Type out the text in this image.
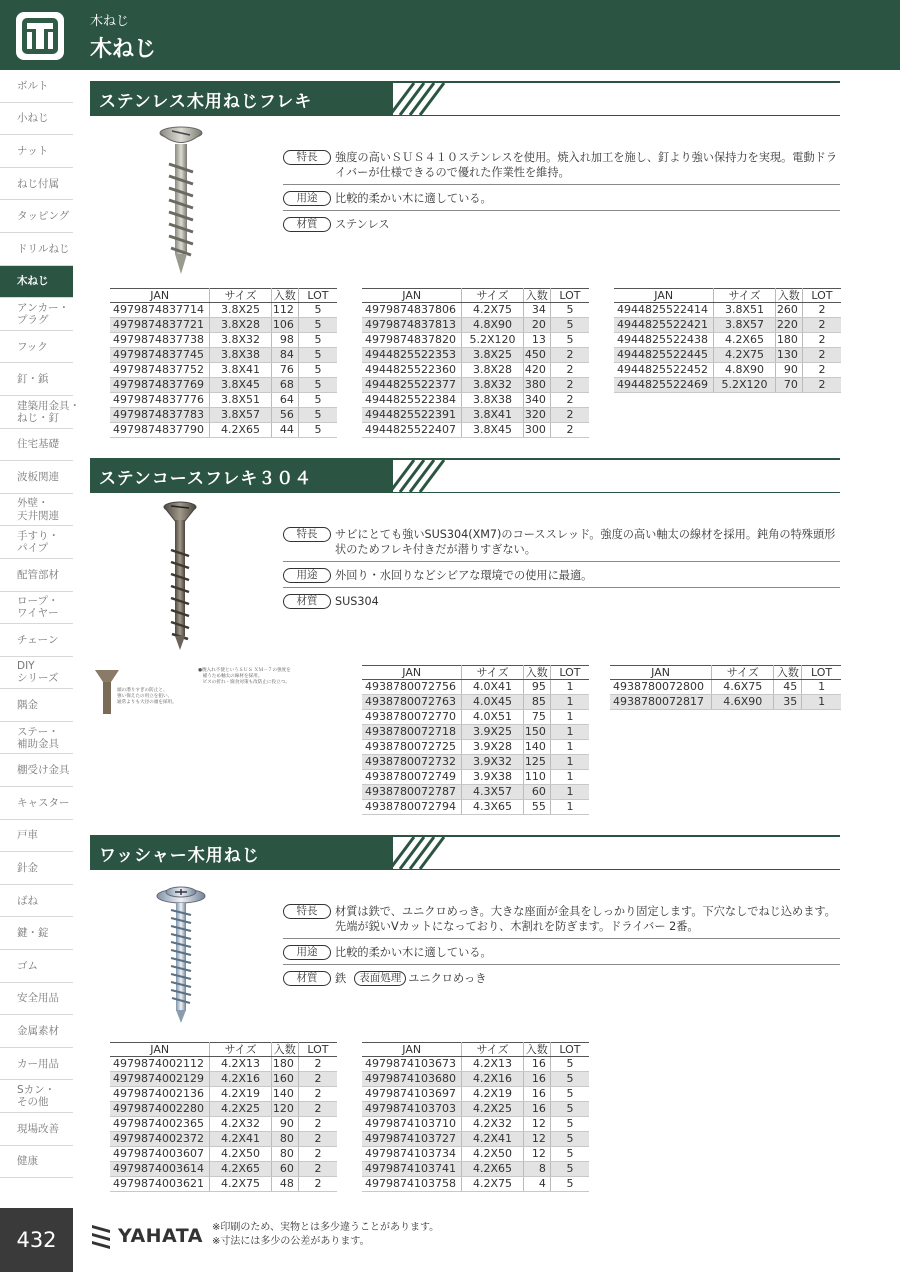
木ねじ
木ねじ
ボルト
小ねじ
ナット
ねじ付属
タッピング
ドリルねじ
木ねじ
アンカー・
プラグ
フック
釘・鋲
建築用金具・
ねじ・釘
住宅基礎
波板関連
外壁・
天井関連
手すり・
パイプ
配管部材
ロープ・
ワイヤー
チェーン
DIY
シリーズ
隅金
ステー・
補助金具
棚受け金具
キャスター
戸車
針金
ばね
鍵・錠
ゴム
安全用品
金属素材
カー用品
Sカン・
その他
現場改善
健康
ステンレス木用ねじフレキ
特長	強度の高いＳＵＳ４１０ステンレスを使用。焼入れ加工を施し、釘より強い保持力を実現。電動ドライバーが仕様できるので優れた作業性を維持。
用途	比較的柔かい木に適している。
材質	ステンレス
JAN	サイズ	入数	LOT
4979874837714	3.8X25	112	5
4979874837721	3.8X28	106	5
4979874837738	3.8X32	98	5
4979874837745	3.8X38	84	5
4979874837752	3.8X41	76	5
4979874837769	3.8X45	68	5
4979874837776	3.8X51	64	5
4979874837783	3.8X57	56	5
4979874837790	4.2X65	44	5
JAN	サイズ	入数	LOT
4979874837806	4.2X75	34	5
4979874837813	4.8X90	20	5
4979874837820	5.2X120	13	5
4944825522353	3.8X25	450	2
4944825522360	3.8X28	420	2
4944825522377	3.8X32	380	2
4944825522384	3.8X38	340	2
4944825522391	3.8X41	320	2
4944825522407	3.8X45	300	2
JAN	サイズ	入数	LOT
4944825522414	3.8X51	260	2
4944825522421	3.8X57	220	2
4944825522438	4.2X65	180	2
4944825522445	4.2X75	130	2
4944825522452	4.8X90	90	2
4944825522469	5.2X120	70	2
ステンコースフレキ３０４
頭の潜りすぎの防止と、
強い保えたの用立を狙い、
通常よりも大径の頭を採用。
●焼入れ不使というＳＵＳ ＸＭ－７の強度を
　補うため軸太の線材を採用。
　ビスの折れ・腐食対策も改防止に役立つ。
特長	サビにとても強いSUS304(XM7)のコーススレッド。強度の高い軸太の線材を採用。鈍角の特殊頭形状のためフレキ付きだが潜りすぎない。
用途	外回り・水回りなどシビアな環境での使用に最適。
材質	SUS304
JAN	サイズ	入数	LOT
4938780072756	4.0X41	95	1
4938780072763	4.0X45	85	1
4938780072770	4.0X51	75	1
4938780072718	3.9X25	150	1
4938780072725	3.9X28	140	1
4938780072732	3.9X32	125	1
4938780072749	3.9X38	110	1
4938780072787	4.3X57	60	1
4938780072794	4.3X65	55	1
JAN	サイズ	入数	LOT
4938780072800	4.6X75	45	1
4938780072817	4.6X90	35	1
ワッシャー木用ねじ
特長	材質は鉄で、ユニクロめっき。大きな座面が金具をしっかり固定します。下穴なしでねじ込めます。先端が鋭いVカットになっており、木割れを防ぎます。ドライバー 2番。
用途	比較的柔かい木に適している。
材質	鉄 表面処理 ユニクロめっき
JAN	サイズ	入数	LOT
4979874002112	4.2X13	180	2
4979874002129	4.2X16	160	2
4979874002136	4.2X19	140	2
4979874002280	4.2X25	120	2
4979874002365	4.2X32	90	2
4979874002372	4.2X41	80	2
4979874003607	4.2X50	80	2
4979874003614	4.2X65	60	2
4979874003621	4.2X75	48	2
JAN	サイズ	入数	LOT
4979874103673	4.2X13	16	5
4979874103680	4.2X16	16	5
4979874103697	4.2X19	16	5
4979874103703	4.2X25	16	5
4979874103710	4.2X32	12	5
4979874103727	4.2X41	12	5
4979874103734	4.2X50	12	5
4979874103741	4.2X65	8	5
4979874103758	4.2X75	4	5
432	YAHATA ※印刷のため、実物とは多少違うことがあります。
※寸法には多少の公差があります。
